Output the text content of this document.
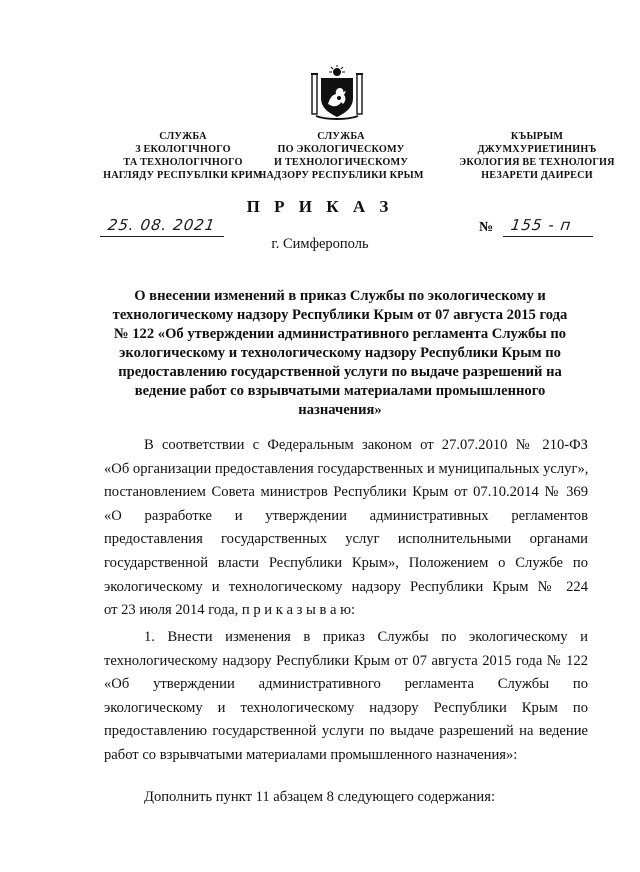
СЛУЖБА
З ЕКОЛОГІЧНОГО
ТА ТЕХНОЛОГІЧНОГО
НАГЛЯДУ РЕСПУБЛІКИ КРИМ
СЛУЖБА
ПО ЭКОЛОГИЧЕСКОМУ
И ТЕХНОЛОГИЧЕСКОМУ
НАДЗОРУ РЕСПУБЛИКИ КРЫМ
КЪЫРЫМ
ДЖУМХУРИЕТИНИНЪ
ЭКОЛОГИЯ ВЕ ТЕХНОЛОГИЯ
НЕЗАРЕТИ ДАИРЕСИ
П Р И К А З
25. 08. 2021	№ 155 - п
г. Симферополь
О внесении изменений в приказ Службы по экологическому и
технологическому надзору Республики Крым от 07 августа 2015 года
№ 122 «Об утверждении административного регламента Службы по
экологическому и технологическому надзору Республики Крым по
предоставлению государственной услуги по выдаче разрешений на
ведение работ со взрывчатыми материалами промышленного
назначения»
В соответствии с Федеральным законом от 27.07.2010 № 210-ФЗ
«Об организации предоставления государственных и муниципальных услуг»,
постановлением Совета министров Республики Крым от 07.10.2014 № 369
«О разработке и утверждении административных регламентов
предоставления государственных услуг исполнительными органами
государственной власти Республики Крым», Положением о Службе по
экологическому и технологическому надзору Республики Крым № 224
от 23 июля 2014 года, п р и к а з ы в а ю:
1. Внести изменения в приказ Службы по экологическому и
технологическому надзору Республики Крым от 07 августа 2015 года № 122
«Об утверждении административного регламента Службы по
экологическому и технологическому надзору Республики Крым по
предоставлению государственной услуги по выдаче разрешений на ведение
работ со взрывчатыми материалами промышленного назначения»:
Дополнить пункт 11 абзацем 8 следующего содержания:
